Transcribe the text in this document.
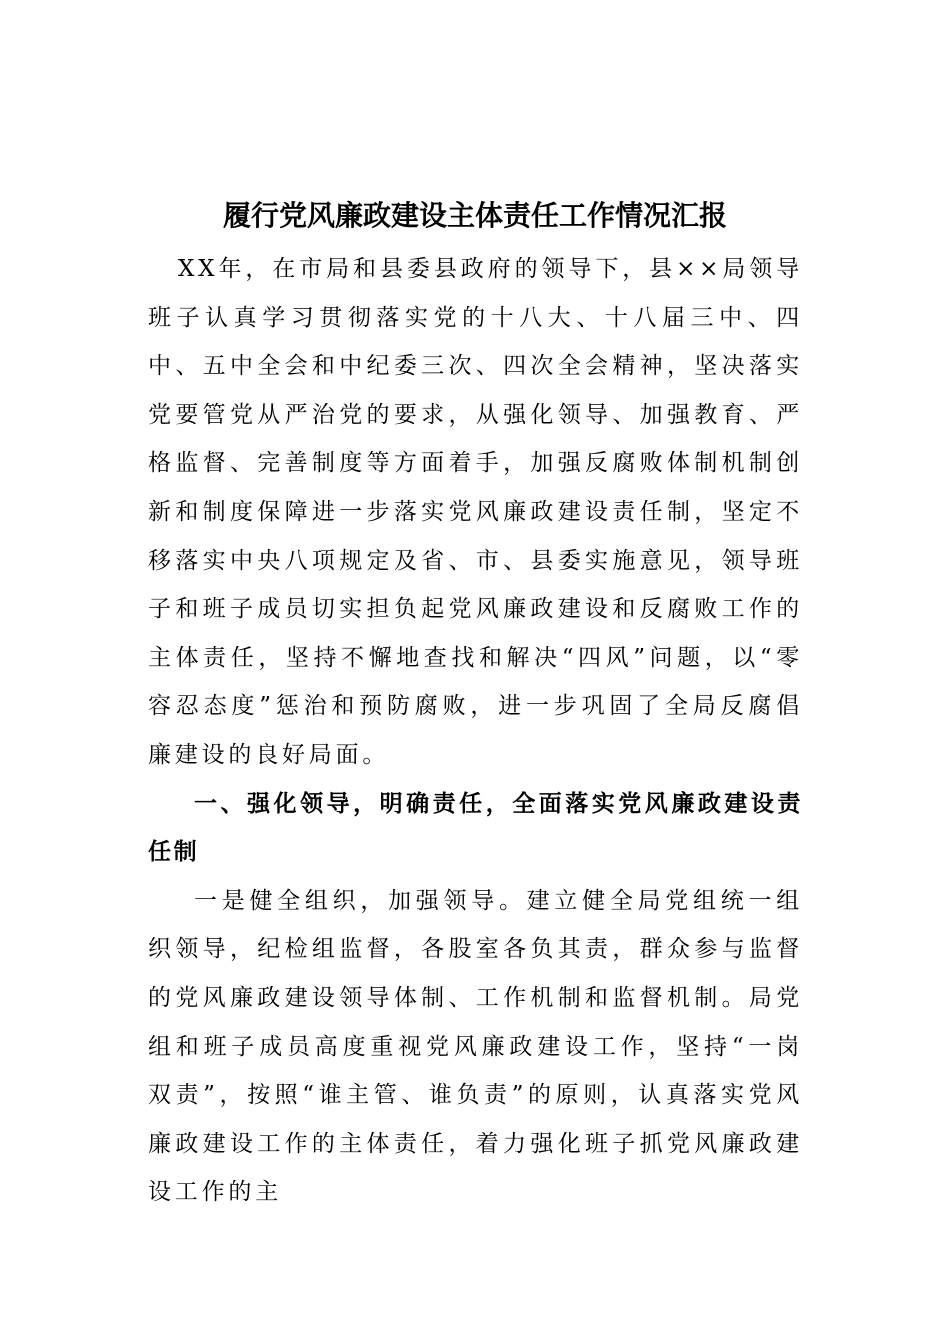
履行党风廉政建设主体责任工作情况汇报

XX年，在市局和县委县政府的领导下，县××局领导班子认真学习贯彻落实党的十八大、十八届三中、四中、五中全会和中纪委三次、四次全会精神，坚决落实党要管党从严治党的要求，从强化领导、加强教育、严格监督、完善制度等方面着手，加强反腐败体制机制创新和制度保障进一步落实党风廉政建设责任制，坚定不移落实中央八项规定及省、市、县委实施意见，领导班子和班子成员切实担负起党风廉政建设和反腐败工作的主体责任，坚持不懈地查找和解决“四风”问题，以“零容忍态度”惩治和预防腐败，进一步巩固了全局反腐倡廉建设的良好局面。

一、强化领导，明确责任，全面落实党风廉政建设责任制

一是健全组织，加强领导。建立健全局党组统一组织领导，纪检组监督，各股室各负其责，群众参与监督的党风廉政建设领导体制、工作机制和监督机制。局党组和班子成员高度重视党风廉政建设工作，坚持“一岗双责”，按照“谁主管、谁负责”的原则，认真落实党风廉政建设工作的主体责任，着力强化班子抓党风廉政建设工作的主
